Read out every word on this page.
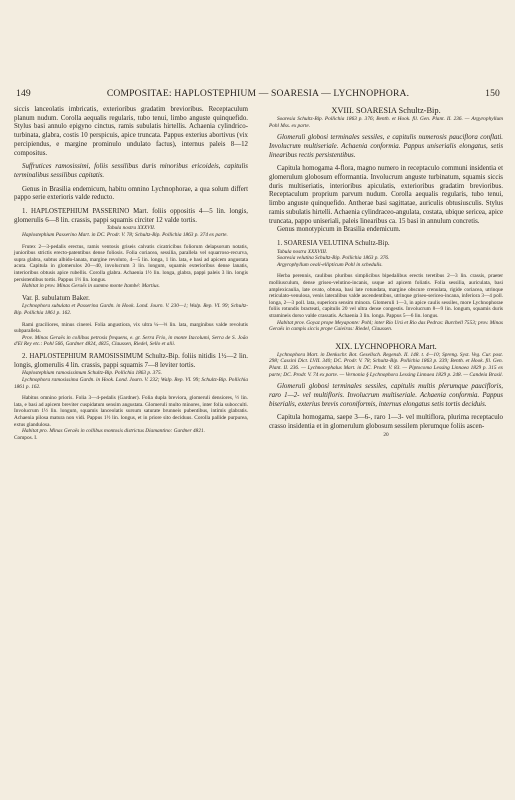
149	COMPOSITAE: HAPLOSTEPHIUM — SOARESIA — LYCHNOPHORA.	150

siccis lanceolatis imbricatis, exterioribus gradatim brevioribus. Receptaculum planum nudum. Corolla aequalis regularis, tubo tenui, limbo anguste quinquefido. Stylus basi annulo epigyno cinctus, ramis subulatis hirtellis. Achaenia cylindrico-turbinata, glabra, costis 10 perspicuis, apice truncata. Pappus exterius abortivus (vix percipiendus, e margine prominulo undulato factus), internus paleis 8—12 compositus.

Suffrutices ramosissimi, foliis sessilibus duris minoribus ericoideis, capitulis terminalibus sessilibus capitatis.

Genus in Brasilia endemicum, habitu omnino Lychnophorae, a qua solum differt pappo serie exterioris valde reducto.

1. HAPLOSTEPHIUM PASSERINO Mart. foliis oppositis 4—5 lin. longis, glomerulis 6—8 lin. crassis, pappi squamis circiter 12 valde tortis.

Tabula nostra XXXVII.

Haplostephium Passerino Mart. in DC. Prodr. V. 78; Schultz-Bip. Pollichia 1863 p. 374 ex parte.

Frutex 2—3-pedalis erectus, ramis ventosis griseis calvatis cicatricibus foliorum delapsorum notatis, junioribus strictis erecto-patentibus dense foliosis. Folia coriacea, sessilia, parallela vel squarroso-recurva, supra glabra, subtus albido-lanata, margine revoluto, 4—5 lin. longa, 1 lin. lata, e basi ad apicem angustata acuta. Capitula in glomerulos 20—40, involucrum 3 lin. longum, squamis exterioribus dense lanatis, interioribus obtusis apice rubellis. Corolla glabra. Achaenia 1½ lin. longa, glabra, pappi paleis 3 lin. longis persistentibus tortis. Pappus 1½ lin. longus.

Habitat in prov. Minas Geraës in summo monte Itambé: Martius.

Var. β. subulatum Baker.

Lychnophora subulata et Passerina Gardn. in Hook. Lond. Journ. V. 230—1; Walp. Rep. VI. 99; Schultz-Bip. Pollichia 1861 p. 162.

Rami graciliores, minus cinerei. Folia angustiora, vix ultra ¼—⅓ lin. lata, marginibus valde revolutis subparallela.

Prov. Minas Geraës in collibus petrosis frequens, e. gr. Serra Frio, in monte Itacolumi, Serra de S. João d'El Rey etc.: Pohl 566, Gardner 4824, 4825, Claussen, Riedel, Sello et alii.

2. HAPLOSTEPHIUM RAMOSISSIMUM Schultz-Bip. foliis nitidis 1½—2 lin. longis, glomerulis 4 lin. crassis, pappi squamis 7—8 leviter tortis.

Haplostephium ramosissimum Schultz-Bip. Pollichia 1863 p. 375.

Lychnophora ramosissima Gardn. in Hook. Lond. Journ. V. 232; Walp. Rep. VI. 99; Schultz-Bip. Pollichia 1861 p. 162.

Habitus omnino prioris. Folia 3—4-pedalis (Gardner). Folia dupla breviora, glomeruli densiores, ½ lin. lata, e basi ad apicem breviter cuspidatum sensim angustata. Glomeruli multo minores, inter folia subocculti. Involucrum 1½ lin. longum, squamis lanceolatis sursum saturate brunneis pubentibus, intimis glabratis. Achaenia pilosa matura non vidi. Pappus 1½ lin. longus, et in priore sito deciduus. Corolla pallide purpurea, extus glandulosa.

Habitat pro. Minas Geraës in collibus montosis districtus Diamantino: Gardner 4821.

Compos. I.

XVIII. SOARESIA Schultz-Bip.

Soaresia Schultz-Bip. Pollichia 1863 p. 376; Benth. et Hook. fil. Gen. Plant. II. 236. — Argyrophyllum Pohl Mss. ex parte.

Glomeruli globosi terminales sessiles, e capitulis numerosis pauciflora conflati. Involucrum multiseriale. Achaenia conformia. Pappus uniserialis elongatus, setis linearibus rectis persistentibus.

Capitula homogama 4-flora, magno numero in receptaculo communi insidentia et glomerulum globosum efformantia. Involucrum anguste turbinatum, squamis siccis duris multiseriatis, interioribus apiculatis, exterioribus gradatim brevioribus. Receptaculum proprium parvum nudum. Corolla aequalis regularis, tubo tenui, limbo anguste quinquefido. Antherae basi sagittatae, auriculis obtusiusculis. Stylus ramis subulatis hirtelli. Achaenia cylindraceo-angulata, costata, ubique sericea, apice truncata, pappo uniseriali, paleis linearibus ca. 15 basi in annulum concretis.

Genus monotypicum in Brasilia endemicum.

1. SOARESIA VELUTINA Schultz-Bip.

Tabula nostra XXXVIII.

Soaresia velutina Schultz-Bip. Pollichia 1863 p. 376.

Argyrophyllum ovali-ellipticum Pohl in schedulis.

Herba perennis, caulibus pluribus simplicibus bipedalibus erectis teretibus 2—3 lin. crassis, praeter molliusculum, dense griseo-velutino-incanis, usque ad apicem foliatis. Folia sessilia, auriculata, basi amplexicaulia, late ovato, obtusa, basi late rotundata, margine obscure crenulata, rigide coriacea, utrinque reticulato-venulosa, venis lateralibus valde ascendentibus, utrinque griseo-sericeo-incana, inferiora 3—4 poll. longa, 2—3 poll. lata, superiora sensim minora. Glomeruli 1—3, in apice caulis sessiles, more Lychnophorae foliis rotundis bracteati, capitulis 20 vel ultra dense congestis. Involucrum 8—9 lin. longum, squamis duris stramineis dorso valde crassatis. Achaenia 3 lin. longa. Pappus 5—6 lin. longus.

Habitat prov. Goyaz prope Meyaponte: Pohl; inter Rio Urú et Rio das Pedras: Burchell 7553; prov. Minas Geraës in campis siccis prope Caieiras: Riedel, Claussen.

XIX. LYCHNOPHORA Mart.

Lychnophora Mart. in Denkschr. Bot. Gesellsch. Regensb. II. 148. t. 4—10; Spreng. Syst. Veg. Cur. post. 298; Cassini Dict. LVII. 340; DC. Prodr. V. 78; Schultz-Bip. Pollichia 1863 p. 339; Benth. et Hook. fil. Gen. Plant. II. 236. — Lychnocephalus Mart. in DC. Prodr. V. 83. — Piptocoma Lessing Linnaea 1829 p. 315 ex parte; DC. Prodr. V. 74 ex parte. — Vernonia § Lychnophora Lessing Linnaea 1829 p. 248. — Candeia Brasil.

Glomeruli globosi terminales sessiles, capitulis multis plerumque paucifloris, raro 1—2- vel multifloris. Involucrum multiseriale. Achaenia conformia. Pappus biserialis, exterius brevis coroniformis, internus elongatus setis tortis deciduis.

Capitula homogama, saepe 3—6-, raro 1—3- vel multiflora, plurima receptaculo crasso insidentia et in glomerulum globosum sessilem plerumque foliis ascen-

20
